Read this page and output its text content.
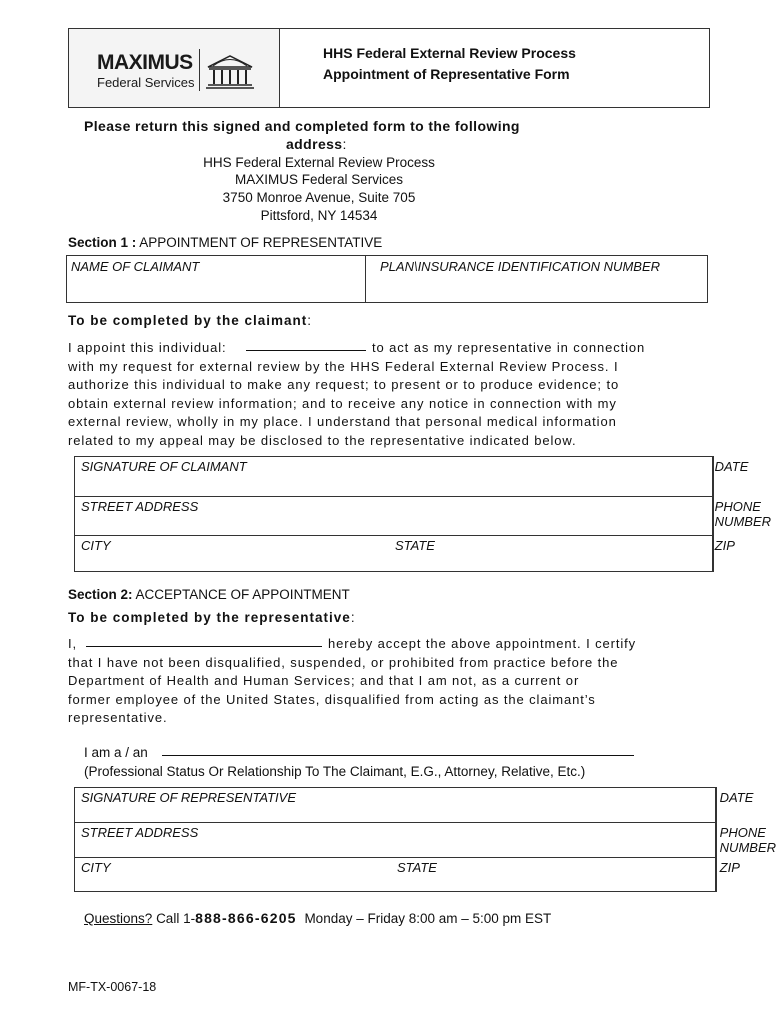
MAXIMUS
Federal Services
HHS Federal External Review Process
Appointment of Representative Form
Please return this signed and completed form to the following
address:
HHS Federal External Review Process
MAXIMUS Federal Services
3750 Monroe Avenue, Suite 705
Pittsford, NY 14534
Section 1 : APPOINTMENT OF REPRESENTATIVE
NAME OF CLAIMANT	PLAN\INSURANCE IDENTIFICATION NUMBER
To be completed by the claimant:
I appoint this individual:	to act as my representative in connection
with my request for external review by the HHS Federal External Review Process. I
authorize this individual to make any request; to present or to produce evidence; to
obtain external review information; and to receive any notice in connection with my
external review, wholly in my place. I understand that personal medical information
related to my appeal may be disclosed to the representative indicated below.
SIGNATURE OF CLAIMANT	DATE

STREET ADDRESS	PHONE NUMBER

CITY STATE	ZIP
Section 2: ACCEPTANCE OF APPOINTMENT
To be completed by the representative:
I,	hereby accept the above appointment. I certify
that I have not been disqualified, suspended, or prohibited from practice before the
Department of Health and Human Services; and that I am not, as a current or
former employee of the United States, disqualified from acting as the claimant’s
representative.
I am a / an
(Professional Status Or Relationship To The Claimant, E.G., Attorney, Relative, Etc.)
SIGNATURE OF REPRESENTATIVE	DATE

STREET ADDRESS	PHONE NUMBER

CITY STATE	ZIP
Questions? Call 1-888-866-6205 Monday – Friday 8:00 am – 5:00 pm EST
MF-TX-0067-18
